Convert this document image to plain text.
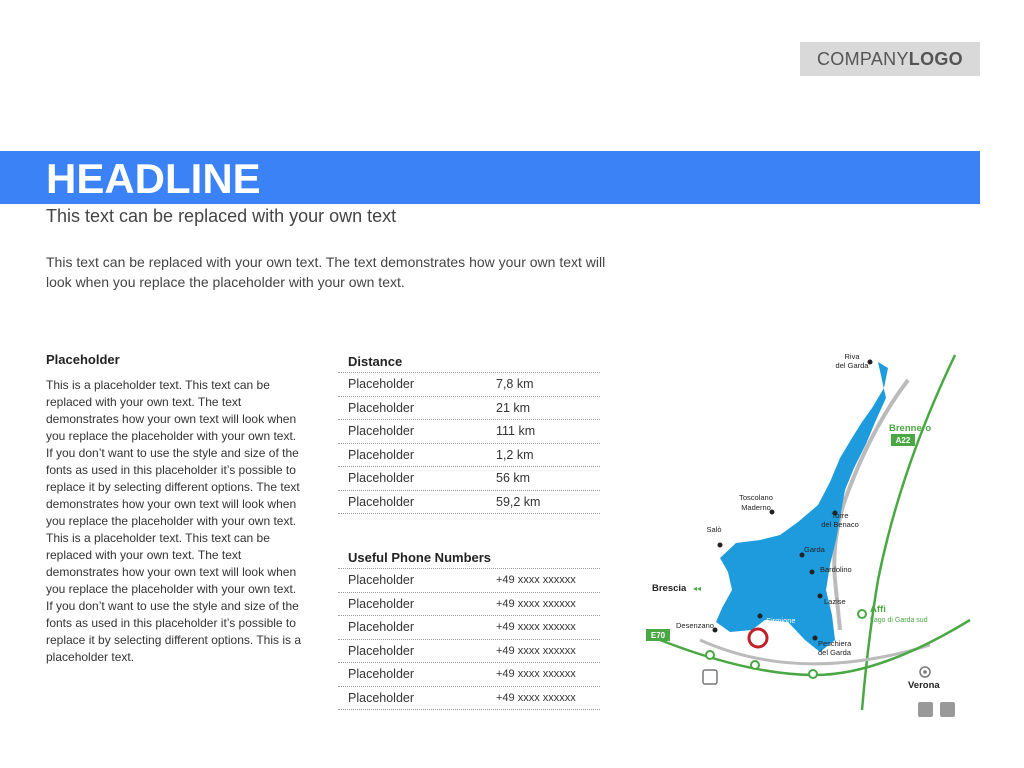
COMPANY LOGO
HEADLINE

This text can be replaced with your own text

This text can be replaced with your own text. The text demonstrates how your own text will look when you replace the placeholder with your own text.

Placeholder

This is a placeholder text. This text can be replaced with your own text. The text demonstrates how your own text will look when you replace the placeholder with your own text. If you don’t want to use the style and size of the fonts as used in this placeholder it’s possible to replace it by selecting different options. The text demonstrates how your own text will look when you replace the placeholder with your own text. This is a placeholder text. This text can be replaced with your own text. The text demonstrates how your own text will look when you replace the placeholder with your own text. If you don’t want to use the style and size of the fonts as used in this placeholder it’s possible to replace it by selecting different options. This is a placeholder text.

Distance
Placeholder	7,8 km
Placeholder	21 km
Placeholder	111 km
Placeholder	1,2 km
Placeholder	56 km
Placeholder	59,2 km
Useful Phone Numbers
Placeholder	+49 xxxx xxxxxx
Placeholder	+49 xxxx xxxxxx
Placeholder	+49 xxxx xxxxxx
Placeholder	+49 xxxx xxxxxx
Placeholder	+49 xxxx xxxxxx
Placeholder	+49 xxxx xxxxxx
Riva
del Garda
Toscolano
Maderno
Torre
del Benaco
Salò
Garda
Bardolino
Lazise
Sirmione
Desenzano
Peschiera
del Garda
Lago di Garda sud
Brennero
A22
Brescia
Affi
E70
Verona
◂◂
